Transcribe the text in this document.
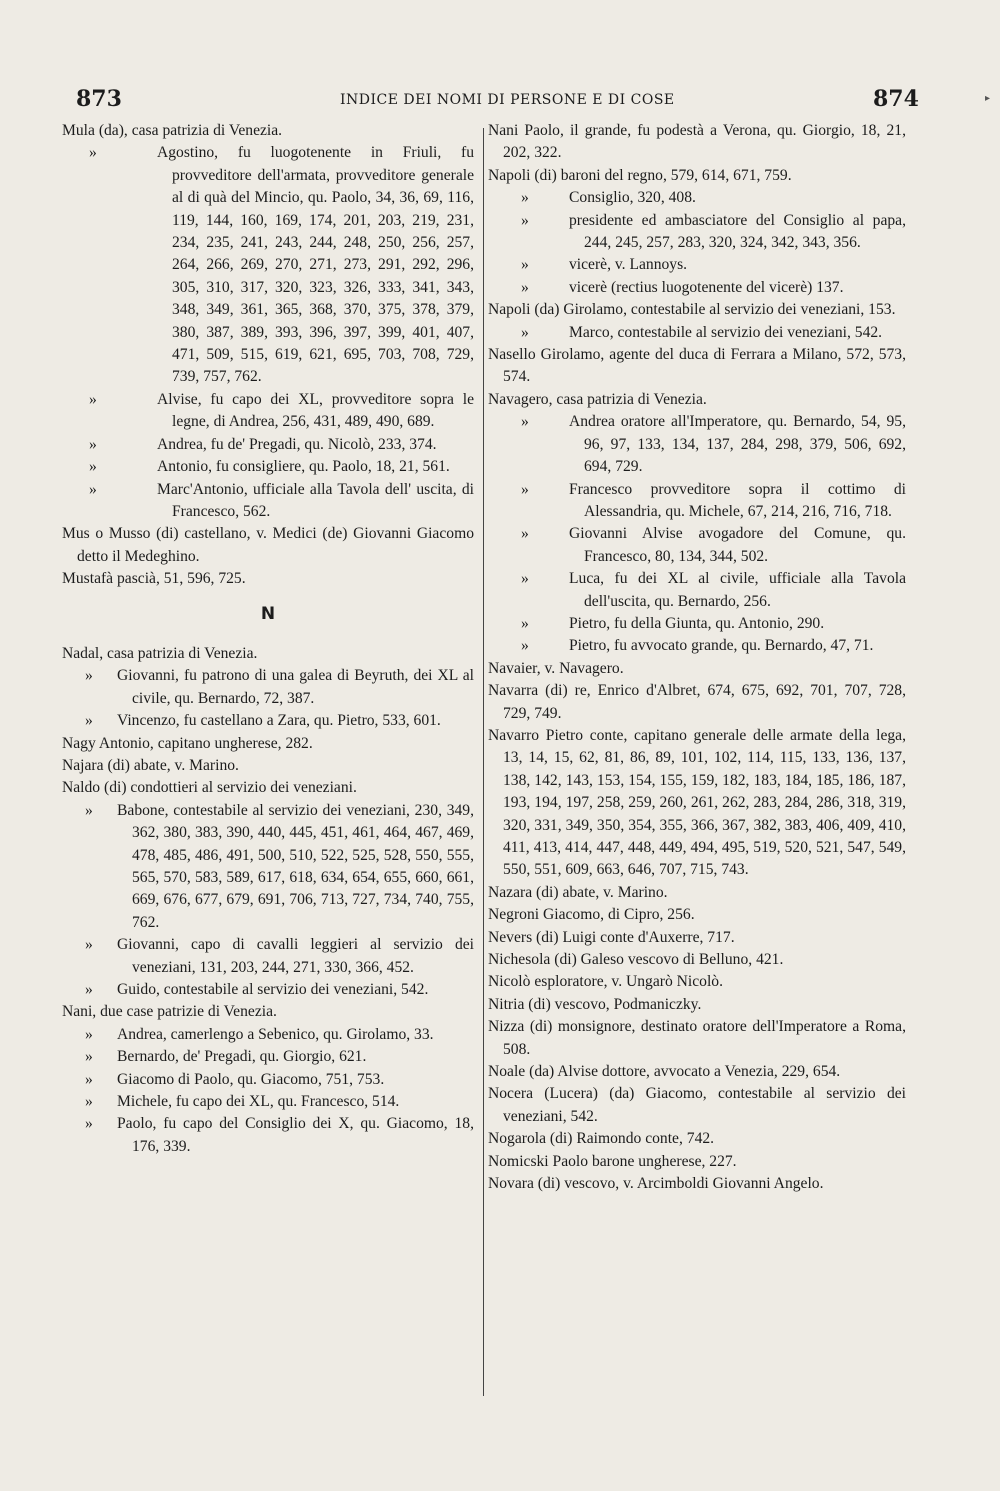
873	INDICE DEI NOMI DI PERSONE E DI COSE	874	▸

Mula (da), casa patrizia di Venezia.

»	Agostino, fu luogotenente in Friuli, fu provveditore dell'armata, provveditore generale al di quà del Mincio, qu. Paolo, 34, 36, 69, 116, 119, 144, 160, 169, 174, 201, 203, 219, 231, 234, 235, 241, 243, 244, 248, 250, 256, 257, 264, 266, 269, 270, 271, 273, 291, 292, 296, 305, 310, 317, 320, 323, 326, 333, 341, 343, 348, 349, 361, 365, 368, 370, 375, 378, 379, 380, 387, 389, 393, 396, 397, 399, 401, 407, 471, 509, 515, 619, 621, 695, 703, 708, 729, 739, 757, 762.

»	Alvise, fu capo dei XL, provveditore sopra le legne, di Andrea, 256, 431, 489, 490, 689.

»	Andrea, fu de' Pregadi, qu. Nicolò, 233, 374.

»	Antonio, fu consigliere, qu. Paolo, 18, 21, 561.

»	Marc'Antonio, ufficiale alla Tavola dell' uscita, di Francesco, 562.

Mus o Musso (di) castellano, v. Medici (de) Giovanni Giacomo detto il Medeghino.

Mustafà pascià, 51, 596, 725.

N

Nadal, casa patrizia di Venezia.

» Giovanni, fu patrono di una galea di Beyruth, dei XL al civile, qu. Bernardo, 72, 387.

» Vincenzo, fu castellano a Zara, qu. Pietro, 533, 601.

Nagy Antonio, capitano ungherese, 282.

Najara (di) abate, v. Marino.

Naldo (di) condottieri al servizio dei veneziani.

» Babone, contestabile al servizio dei veneziani, 230, 349, 362, 380, 383, 390, 440, 445, 451, 461, 464, 467, 469, 478, 485, 486, 491, 500, 510, 522, 525, 528, 550, 555, 565, 570, 583, 589, 617, 618, 634, 654, 655, 660, 661, 669, 676, 677, 679, 691, 706, 713, 727, 734, 740, 755, 762.

» Giovanni, capo di cavalli leggieri al servizio dei veneziani, 131, 203, 244, 271, 330, 366, 452.

» Guido, contestabile al servizio dei veneziani, 542.

Nani, due case patrizie di Venezia.

» Andrea, camerlengo a Sebenico, qu. Girolamo, 33.

» Bernardo, de' Pregadi, qu. Giorgio, 621.

» Giacomo di Paolo, qu. Giacomo, 751, 753.

» Michele, fu capo dei XL, qu. Francesco, 514.

» Paolo, fu capo del Consiglio dei X, qu. Giacomo, 18, 176, 339.

Nani Paolo, il grande, fu podestà a Verona, qu. Giorgio, 18, 21, 202, 322.

Napoli (di) baroni del regno, 579, 614, 671, 759.

»	Consiglio, 320, 408.

»	presidente ed ambasciatore del Consiglio al papa, 244, 245, 257, 283, 320, 324, 342, 343, 356.

»	vicerè, v. Lannoys.

»	vicerè (rectius luogotenente del vicerè) 137.

Napoli (da) Girolamo, contestabile al servizio dei veneziani, 153.

»	Marco, contestabile al servizio dei veneziani, 542.

Nasello Girolamo, agente del duca di Ferrara a Milano, 572, 573, 574.

Navagero, casa patrizia di Venezia.

»	Andrea oratore all'Imperatore, qu. Bernardo, 54, 95, 96, 97, 133, 134, 137, 284, 298, 379, 506, 692, 694, 729.

»	Francesco provveditore sopra il cottimo di Alessandria, qu. Michele, 67, 214, 216, 716, 718.

»	Giovanni Alvise avogadore del Comune, qu. Francesco, 80, 134, 344, 502.

»	Luca, fu dei XL al civile, ufficiale alla Tavola dell'uscita, qu. Bernardo, 256.

»	Pietro, fu della Giunta, qu. Antonio, 290.

»	Pietro, fu avvocato grande, qu. Bernardo, 47, 71.

Navaier, v. Navagero.

Navarra (di) re, Enrico d'Albret, 674, 675, 692, 701, 707, 728, 729, 749.

Navarro Pietro conte, capitano generale delle armate della lega, 13, 14, 15, 62, 81, 86, 89, 101, 102, 114, 115, 133, 136, 137, 138, 142, 143, 153, 154, 155, 159, 182, 183, 184, 185, 186, 187, 193, 194, 197, 258, 259, 260, 261, 262, 283, 284, 286, 318, 319, 320, 331, 349, 350, 354, 355, 366, 367, 382, 383, 406, 409, 410, 411, 413, 414, 447, 448, 449, 494, 495, 519, 520, 521, 547, 549, 550, 551, 609, 663, 646, 707, 715, 743.

Nazara (di) abate, v. Marino.

Negroni Giacomo, di Cipro, 256.

Nevers (di) Luigi conte d'Auxerre, 717.

Nichesola (di) Galeso vescovo di Belluno, 421.

Nicolò esploratore, v. Ungarò Nicolò.

Nitria (di) vescovo, Podmaniczky.

Nizza (di) monsignore, destinato oratore dell'Imperatore a Roma, 508.

Noale (da) Alvise dottore, avvocato a Venezia, 229, 654.

Nocera (Lucera) (da) Giacomo, contestabile al servizio dei veneziani, 542.

Nogarola (di) Raimondo conte, 742.

Nomicski Paolo barone ungherese, 227.

Novara (di) vescovo, v. Arcimboldi Giovanni Angelo.
